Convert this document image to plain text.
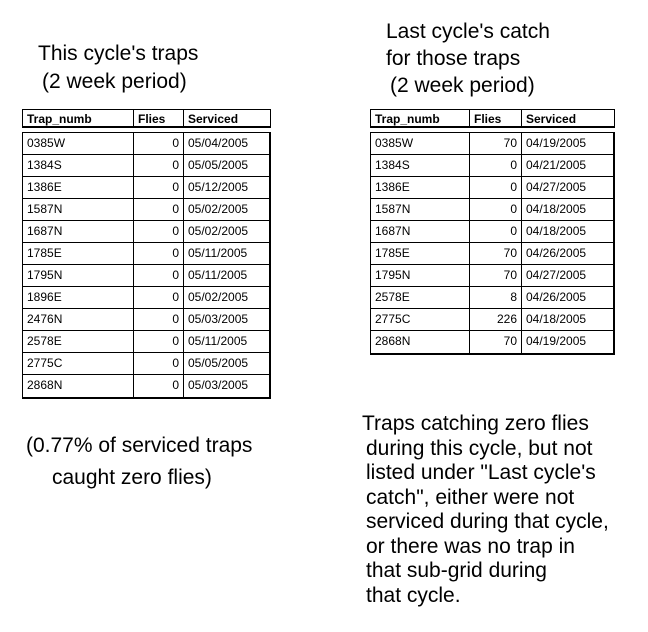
This cycle's traps
(2 week period)
Last cycle's catch
for those traps
(2 week period)
Trap_numb	Flies	Serviced
0385W	0 05/04/2005
1384S	0 05/05/2005
1386E	0 05/12/2005
1587N	0 05/02/2005
1687N	0 05/02/2005
1785E	0 05/11/2005
1795N	0 05/11/2005
1896E	0 05/02/2005
2476N	0 05/03/2005
2578E	0 05/11/2005
2775C	0 05/05/2005
2868N	0 05/03/2005
Trap_numb	Flies	Serviced
0385W	70 04/19/2005
1384S	0 04/21/2005
1386E	0 04/27/2005
1587N	0 04/18/2005
1687N	0 04/18/2005
1785E	70 04/26/2005
1795N	70 04/27/2005
2578E	8 04/26/2005
2775C	226 04/18/2005
2868N	70 04/19/2005
(0.77% of serviced traps
caught zero flies)
Traps catching zero flies
during this cycle, but not
listed under "Last cycle's
catch", either were not
serviced during that cycle,
or there was no trap in
that sub-grid during
that cycle.
